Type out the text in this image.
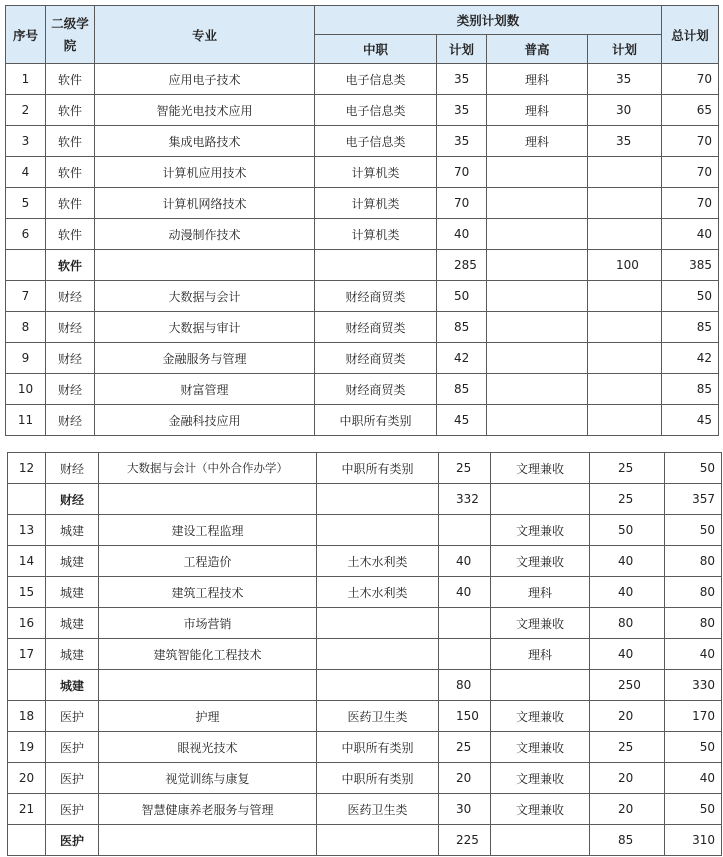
序号	二级学院	专业	类别计划数				总计划
			中职	计划	普高	计划	
1	软件	应用电子技术	电子信息类	35	理科	35	70
2	软件	智能光电技术应用	电子信息类	35	理科	30	65
3	软件	集成电路技术	电子信息类	35	理科	35	70
4	软件	计算机应用技术	计算机类	70			70
5	软件	计算机网络技术	计算机类	70			70
6	软件	动漫制作技术	计算机类	40			40
	软件			285		100	385
7	财经	大数据与会计	财经商贸类	50			50
8	财经	大数据与审计	财经商贸类	85			85
9	财经	金融服务与管理	财经商贸类	42			42
10	财经	财富管理	财经商贸类	85			85
11	财经	金融科技应用	中职所有类别	45			45
12	财经	大数据与会计（中外合作办学）	中职所有类别	25	文理兼收	25	50
	财经			332		25	357
13	城建	建设工程监理			文理兼收	50	50
14	城建	工程造价	土木水利类	40	文理兼收	40	80
15	城建	建筑工程技术	土木水利类	40	理科	40	80
16	城建	市场营销			文理兼收	80	80
17	城建	建筑智能化工程技术			理科	40	40
	城建			80		250	330
18	医护	护理	医药卫生类	150	文理兼收	20	170
19	医护	眼视光技术	中职所有类别	25	文理兼收	25	50
20	医护	视觉训练与康复	中职所有类别	20	文理兼收	20	40
21	医护	智慧健康养老服务与管理	医药卫生类	30	文理兼收	20	50
	医护			225		85	310
